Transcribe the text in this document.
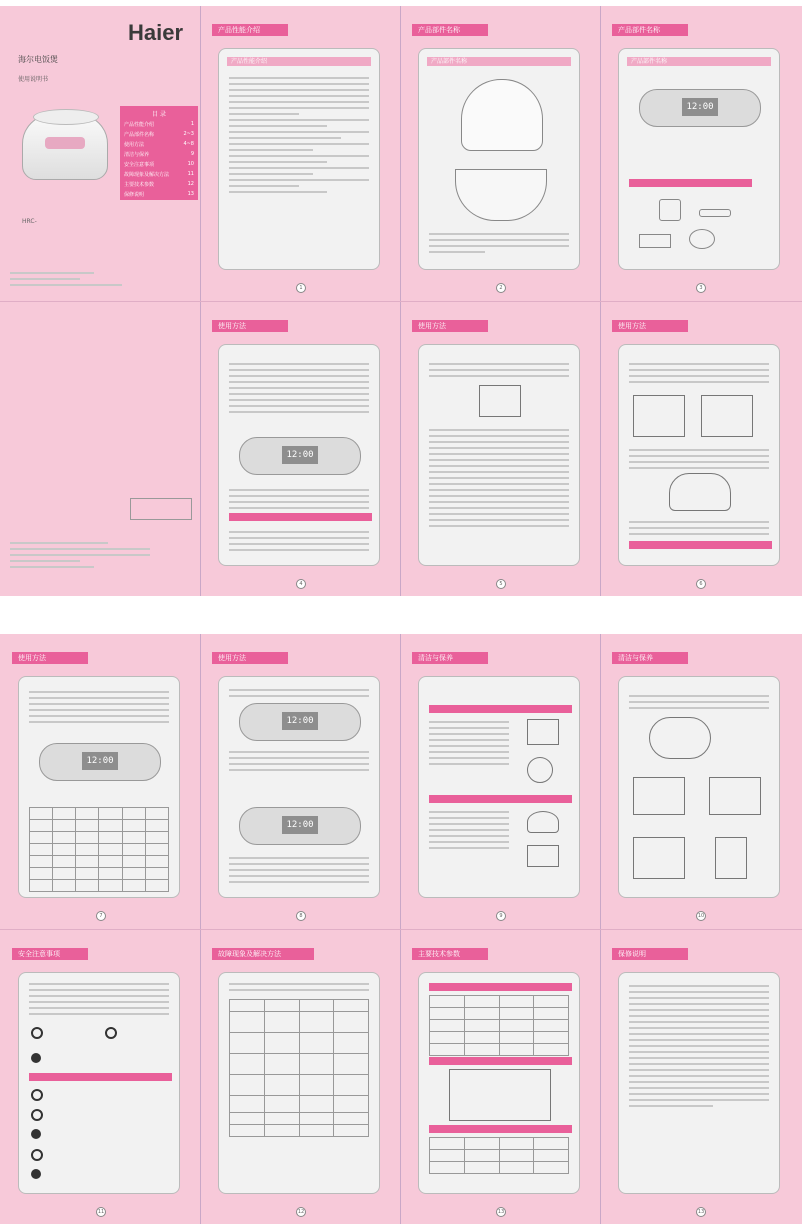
Haier
海尔电饭煲
使用说明书
HRC-
目 录
产品性能介绍	1
产品部件名称	2~3
使用方法	4~8
清洁与保养	9
安全注意事项	10
故障现象及解决方法	11
主要技术参数	12
保修说明	13
产品性能介绍
产品性能介绍
1
产品部件名称
产品部件名称
2
产品部件名称
产品部件名称
12:00
3
使用方法
12:00
4
使用方法
5
使用方法
6
使用方法
12:00

7
使用方法
12:00
12:00
8
清洁与保养
9
清洁与保养
10
安全注意事项
11
故障现象及解决方法

12
主要技术参数

13
保修说明
13
